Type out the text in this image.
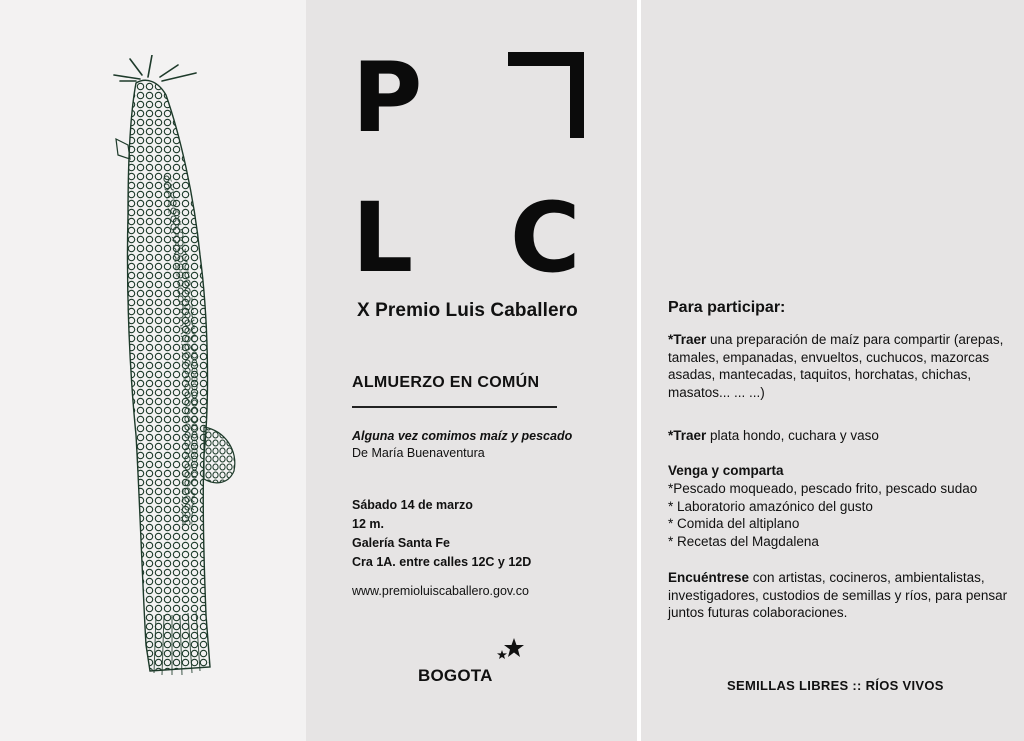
P
L C
X Premio Luis Caballero
ALMUERZO EN COMÚN
Alguna vez comimos maíz y pescado
De María Buenaventura
Sábado 14 de marzo
12 m.
Galería Santa Fe
Cra 1A. entre calles 12C y 12D
www.premioluiscaballero.gov.co
BOGOTA
Para participar:
*Traer una preparación de maíz para compartir (arepas, tamales, empanadas, envueltos, cuchucos, mazorcas asadas, mantecadas, taquitos, horchatas, chichas, masatos... ... ...)
*Traer plata hondo, cuchara y vaso
Venga y comparta
*Pescado moqueado, pescado frito, pescado sudao
* Laboratorio amazónico del gusto
* Comida del altiplano
* Recetas del Magdalena
Encuéntrese con artistas, cocineros, ambientalistas, investigadores, custodios de semillas y ríos, para pensar juntos futuras colaboraciones.
SEMILLAS LIBRES :: RÍOS VIVOS
